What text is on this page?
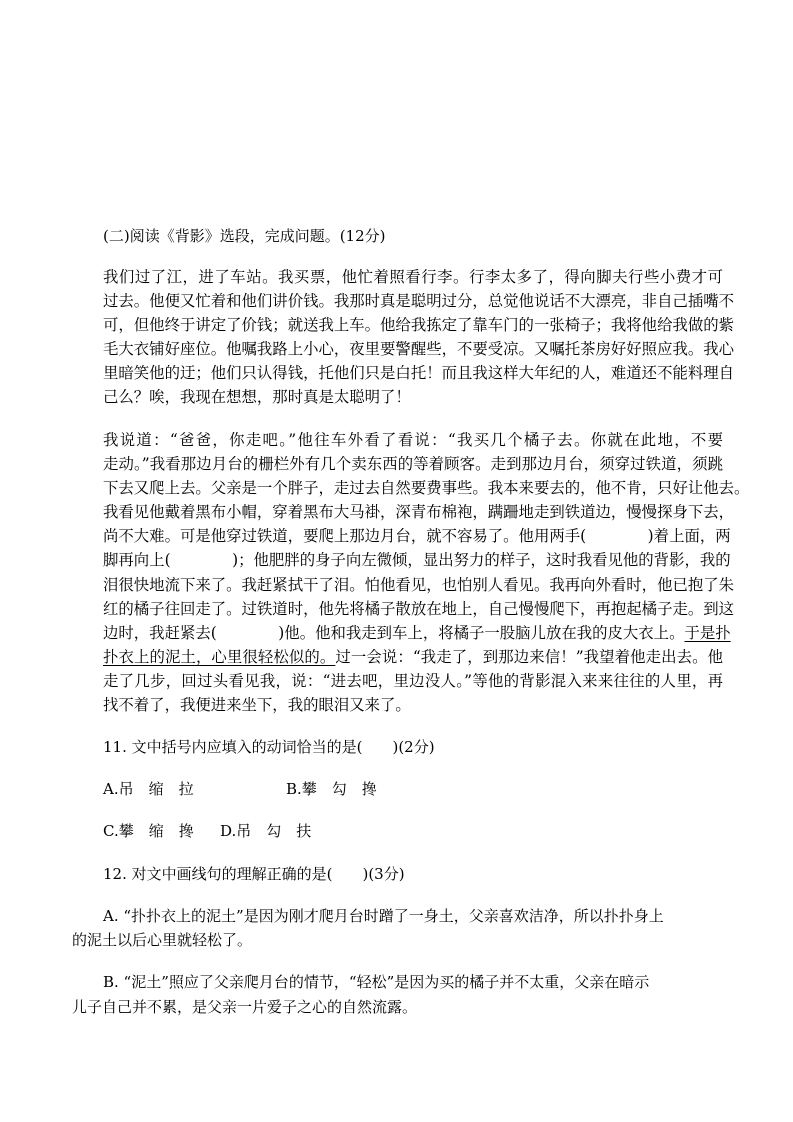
(二)阅读《背影》选段，完成问题。(12分)
我们过了江，进了车站。我买票，他忙着照看行李。行李太多了，得向脚夫行些小费才可
过去。他便又忙着和他们讲价钱。我那时真是聪明过分，总觉他说话不大漂亮，非自己插嘴不
可，但他终于讲定了价钱；就送我上车。他给我拣定了靠车门的一张椅子；我将他给我做的紫
毛大衣铺好座位。他嘱我路上小心，夜里要警醒些，不要受凉。又嘱托茶房好好照应我。我心
里暗笑他的迂；他们只认得钱，托他们只是白托！而且我这样大年纪的人，难道还不能料理自
己么？唉，我现在想想，那时真是太聪明了！
我说道：“爸爸，你走吧。”他往车外看了看说：“我买几个橘子去。你就在此地，不要
走动。”我看那边月台的栅栏外有几个卖东西的等着顾客。走到那边月台，须穿过铁道，须跳
下去又爬上去。父亲是一个胖子，走过去自然要费事些。我本来要去的，他不肯，只好让他去。
我看见他戴着黑布小帽，穿着黑布大马褂，深青布棉袍，蹒跚地走到铁道边，慢慢探身下去，
尚不大难。可是他穿过铁道，要爬上那边月台，就不容易了。他用两手(　　　　)着上面，两
脚再向上(　　　　)；他肥胖的身子向左微倾，显出努力的样子，这时我看见他的背影，我的
泪很快地流下来了。我赶紧拭干了泪。怕他看见，也怕别人看见。我再向外看时，他已抱了朱
红的橘子往回走了。过铁道时，他先将橘子散放在地上，自己慢慢爬下，再抱起橘子走。到这
边时，我赶紧去(　　　　)他。他和我走到车上，将橘子一股脑儿放在我的皮大衣上。于是扑
扑衣上的泥土，心里很轻松似的。过一会说：“我走了，到那边来信！”我望着他走出去。他
走了几步，回过头看见我，说：“进去吧，里边没人。”等他的背影混入来来往往的人里，再
找不着了，我便进来坐下，我的眼泪又来了。
11. 文中括号内应填入的动词恰当的是(　　)(2分)
A.吊　缩　拉	B.攀　勾　搀
C.攀　缩　搀 D.吊　勾　扶
12. 对文中画线句的理解正确的是(　　)(3分)
A. “扑扑衣上的泥土”是因为刚才爬月台时蹭了一身土，父亲喜欢洁净，所以扑扑身上
的泥土以后心里就轻松了。
B. “泥土”照应了父亲爬月台的情节，“轻松”是因为买的橘子并不太重，父亲在暗示
儿子自己并不累，是父亲一片爱子之心的自然流露。
